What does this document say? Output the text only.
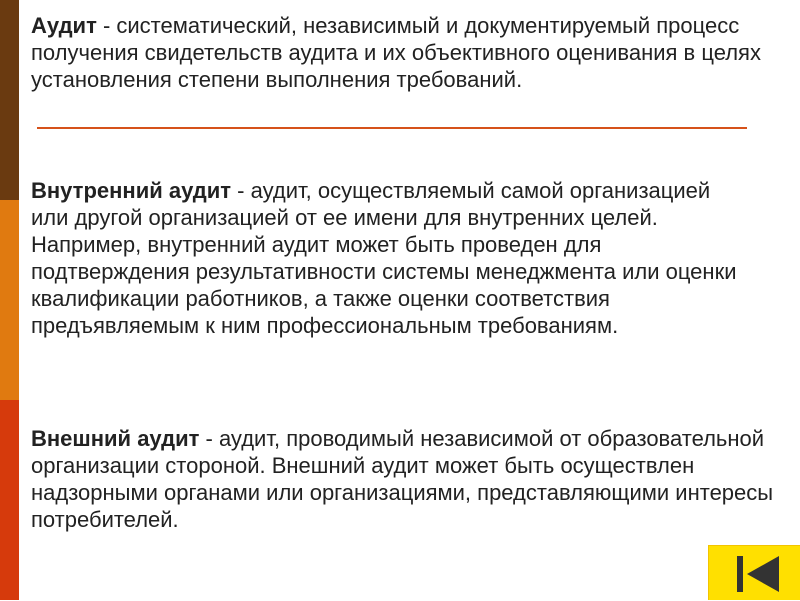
Аудит - систематический, независимый и документируемый процесс получения свидетельств аудита и их объективного оценивания в целях установления степени выполнения требований.

Внутренний аудит - аудит, осуществляемый самой организацией или другой организацией от ее имени для внутренних целей. Например, внутренний аудит может быть проведен для подтверждения результативности системы менеджмента или оценки квалификации работников, а также оценки соответствия предъявляемым к ним профессиональным требованиям.

Внешний аудит - аудит, проводимый независимой от образовательной организации стороной. Внешний аудит может быть осуществлен надзорными органами или организациями, представляющими интересы потребителей.
